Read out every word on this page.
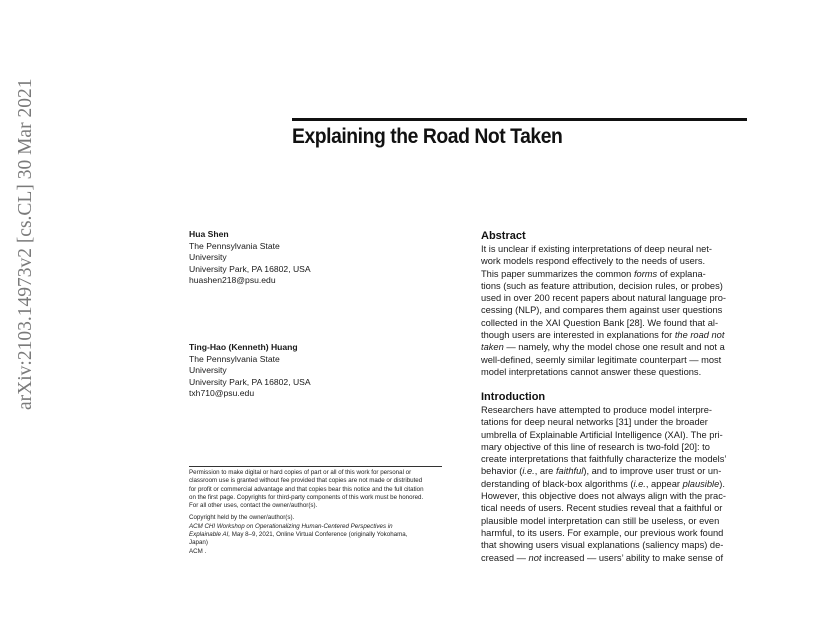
arXiv:2103.14973v2 [cs.CL] 30 Mar 2021	Explaining the Road Not Taken
Hua Shen
The Pennsylvania State
University
University Park, PA 16802, USA
huashen218@psu.edu
Ting-Hao (Kenneth) Huang
The Pennsylvania State
University
University Park, PA 16802, USA
txh710@psu.edu

Permission to make digital or hard copies of part or all of this work for personal or

classroom use is granted without fee provided that copies are not made or distributed

for profit or commercial advantage and that copies bear this notice and the full citation

on the first page. Copyrights for third-party components of this work must be honored.

For all other uses, contact the owner/author(s).

Copyright held by the owner/author(s).

ACM CHI Workshop on Operationalizing Human-Centered Perspectives in

Explainable AI, May 8–9, 2021, Online Virtual Conference (originally Yokohama,

Japan)

ACM .

Abstract
It is unclear if existing interpretations of deep neural net-
work models respond effectively to the needs of users.
This paper summarizes the common forms of explana-
tions (such as feature attribution, decision rules, or probes)
used in over 200 recent papers about natural language pro-
cessing (NLP), and compares them against user questions
collected in the XAI Question Bank [28]. We found that al-
though users are interested in explanations for the road not
taken — namely, why the model chose one result and not a
well-defined, seemly similar legitimate counterpart — most
model interpretations cannot answer these questions.
Introduction
Researchers have attempted to produce model interpre-
tations for deep neural networks [31] under the broader
umbrella of Explainable Artificial Intelligence (XAI). The pri-
mary objective of this line of research is two-fold [20]: to
create interpretations that faithfully characterize the models’
behavior (i.e., are faithful), and to improve user trust or un-
derstanding of black-box algorithms (i.e., appear plausible).
However, this objective does not always align with the prac-
tical needs of users. Recent studies reveal that a faithful or
plausible model interpretation can still be useless, or even
harmful, to its users. For example, our previous work found
that showing users visual explanations (saliency maps) de-
creased — not increased — users’ ability to make sense of
